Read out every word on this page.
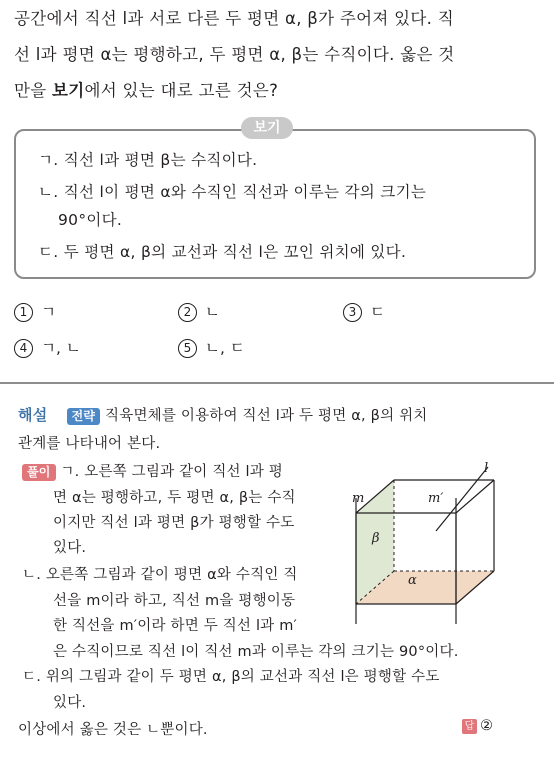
공간에서 직선 l과 서로 다른 두 평면 α, β가 주어져 있다. 직
선 l과 평면 α는 평행하고, 두 평면 α, β는 수직이다. 옳은 것
만을 보기에서 있는 대로 고른 것은?
보기
ㄱ. 직선 l과 평면 β는 수직이다.
ㄴ. 직선 l이 평면 α와 수직인 직선과 이루는 각의 크기는
90°이다.
ㄷ. 두 평면 α, β의 교선과 직선 l은 꼬인 위치에 있다.
1 ㄱ	2 ㄴ	3 ㄷ
4 ㄱ, ㄴ	5 ㄴ, ㄷ
해설 전략 직육면체를 이용하여 직선 l과 두 평면 α, β의 위치
관계를 나타내어 본다.
풀이 ㄱ. 오른쪽 그림과 같이 직선 l과 평
면 α는 평행하고, 두 평면 α, β는 수직
이지만 직선 l과 평면 β가 평행할 수도
있다.
ㄴ. 오른쪽 그림과 같이 평면 α와 수직인 직
선을 m이라 하고, 직선 m을 평행이동
한 직선을 m′이라 하면 두 직선 l과 m′
은 수직이므로 직선 l이 직선 m과 이루는 각의 크기는 90°이다.
ㄷ. 위의 그림과 같이 두 평면 α, β의 교선과 직선 l은 평행할 수도
있다.
이상에서 옳은 것은 ㄴ뿐이다.	답 ②
l
m	m′
β
α
